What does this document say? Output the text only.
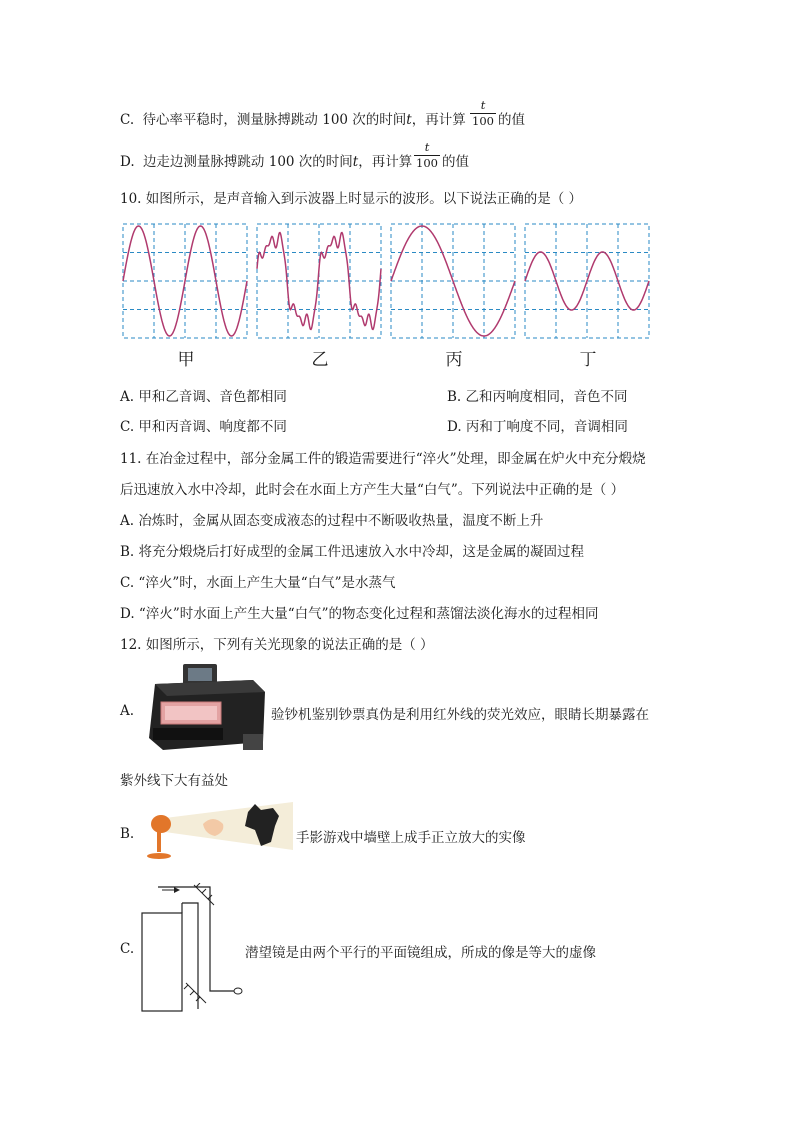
C. 待心率平稳时，测量脉搏跳动 100 次的时间t，再计算
t
100 的值
D. 边走边测量脉搏跳动 100 次的时间t，再计算
t
100 的值
10. 如图所示，是声音输入到示波器上时显示的波形。以下说法正确的是（ ）
甲	乙	丙	丁
A. 甲和乙音调、音色都相同	B. 乙和丙响度相同，音色不同
C. 甲和丙音调、响度都不同	D. 丙和丁响度不同，音调相同
11. 在冶金过程中，部分金属工件的锻造需要进行“淬火”处理，即金属在炉火中充分煅烧
后迅速放入水中冷却，此时会在水面上方产生大量“白气”。下列说法中正确的是（ ）
A. 冶炼时，金属从固态变成液态的过程中不断吸收热量，温度不断上升
B. 将充分煅烧后打好成型的金属工件迅速放入水中冷却，这是金属的凝固过程
C. “淬火”时，水面上产生大量“白气”是水蒸气
D. “淬火”时水面上产生大量“白气”的物态变化过程和蒸馏法淡化海水的过程相同
12. 如图所示，下列有关光现象的说法正确的是（ ）
A.	验钞机鉴别钞票真伪是利用红外线的荧光效应，眼睛长期暴露在
紫外线下大有益处
B.	手影游戏中墙壁上成手正立放大的实像
C.	潜望镜是由两个平行的平面镜组成，所成的像是等大的虚像
